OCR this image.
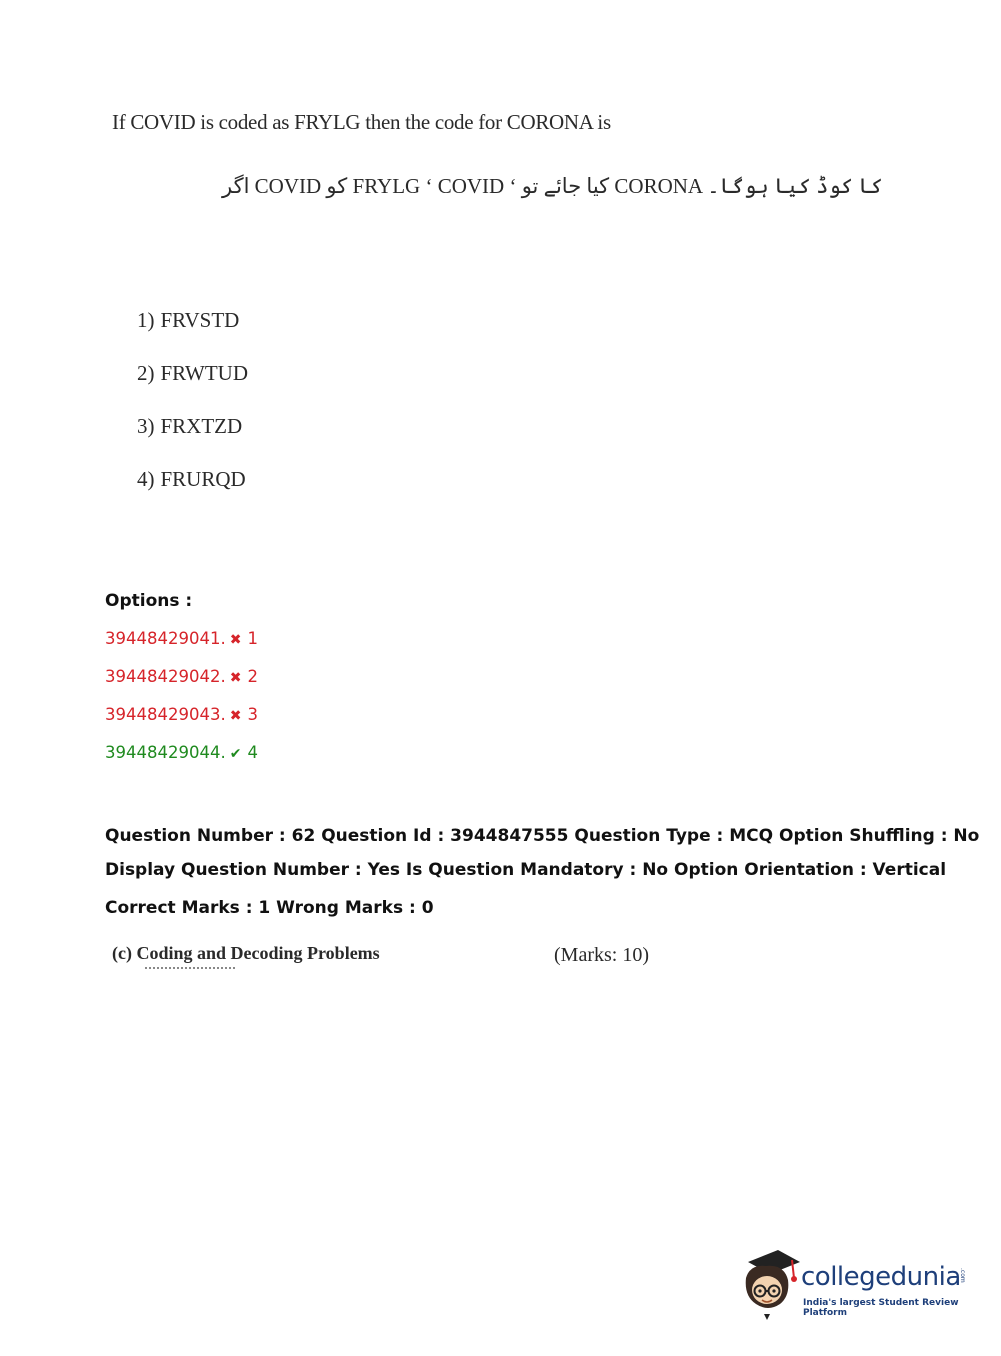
If COVID is coded as FRYLG then the code for CORONA is
اگر COVID کو FRYLG ‘ COVID ‘ کیا جائے تو CORONA کا کوڈ کیا ہوگا۔
1) FRVSTD
2) FRWTUD
3) FRXTZD
4) FRURQD
Options :
39448429041. ✖ 1
39448429042. ✖ 2
39448429043. ✖ 3
39448429044. ✔ 4
Question Number : 62 Question Id : 3944847555 Question Type : MCQ Option Shuffling : No
Display Question Number : Yes Is Question Mandatory : No Option Orientation : Vertical
Correct Marks : 1 Wrong Marks : 0
(c) Coding and Decoding Problems	(Marks: 10)
collegedunia
.com
India's largest Student Review Platform
